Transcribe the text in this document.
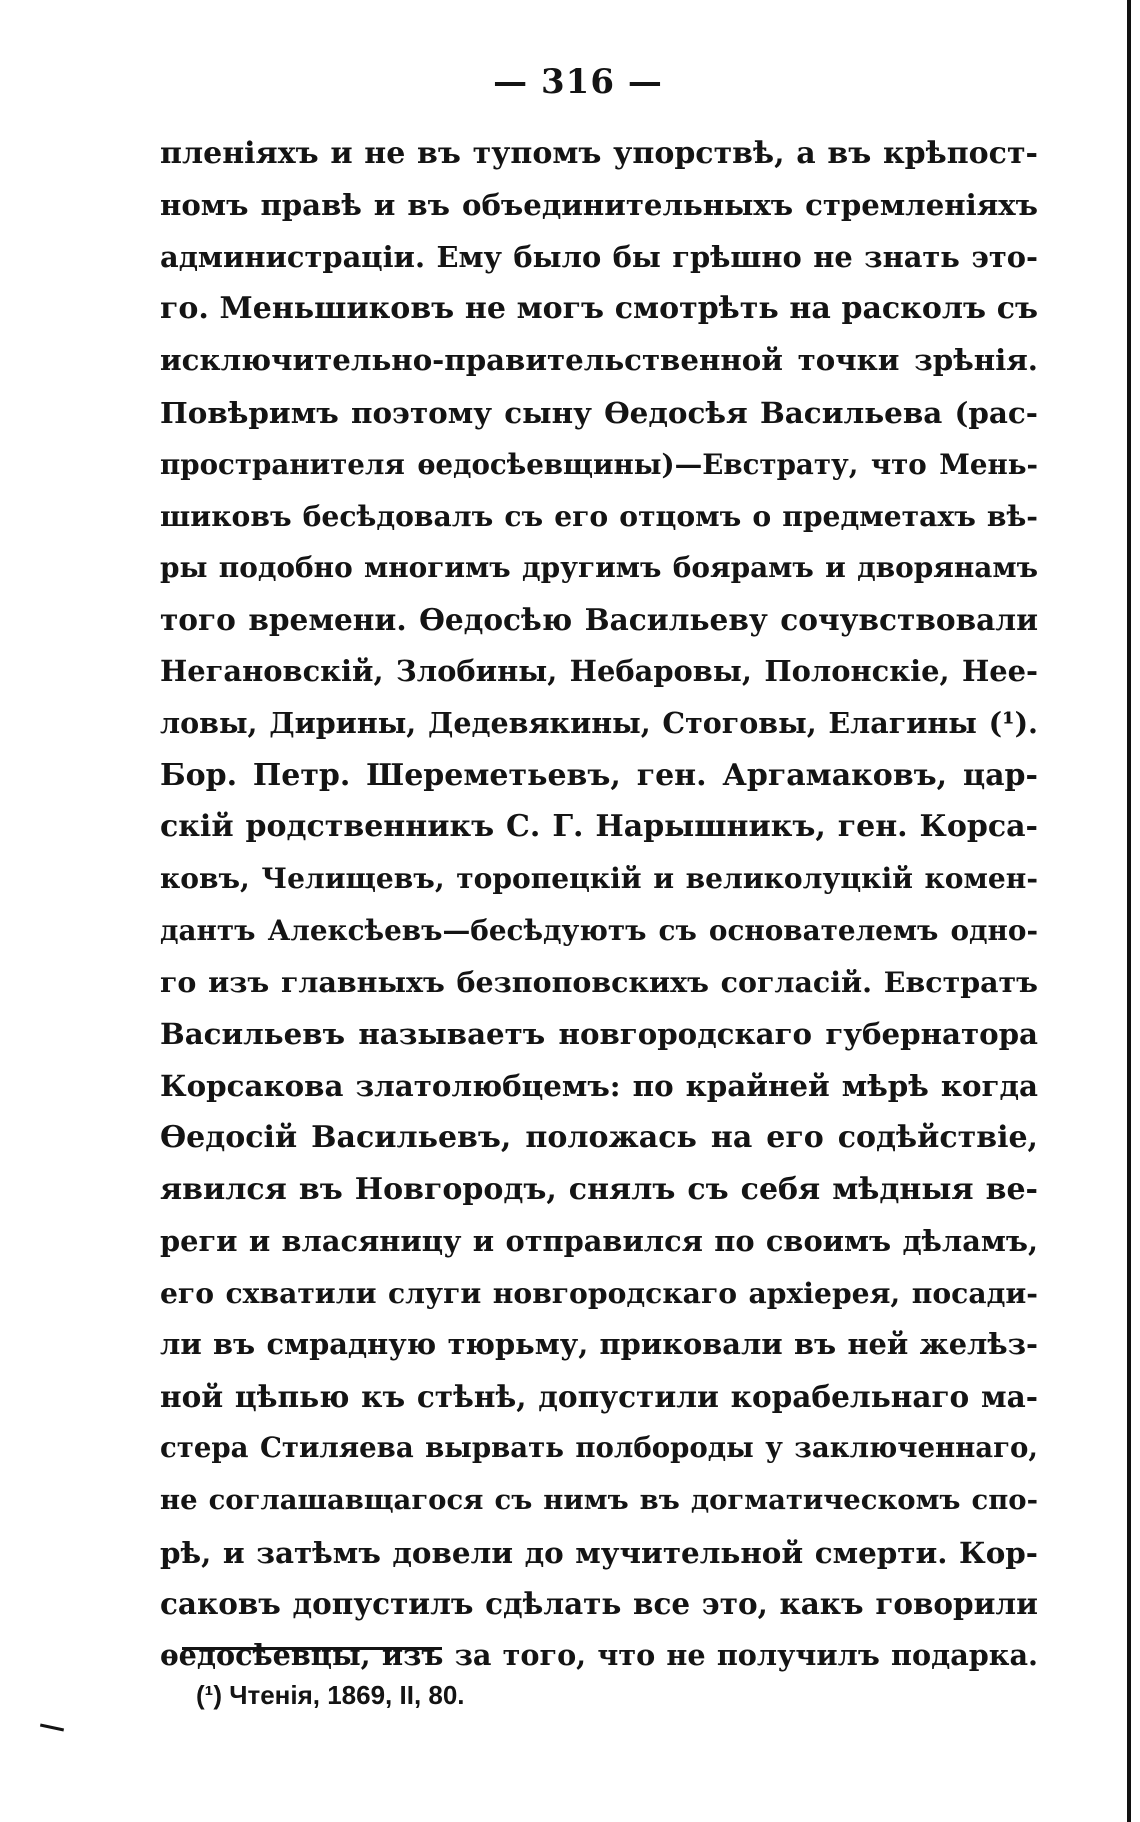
— 316 —
пленіяхъ и не въ тупомъ упорствѣ, а въ крѣпост-
номъ правѣ и въ объединительныхъ стремленіяхъ
администраціи. Ему было бы грѣшно не знать это-
го. Меньшиковъ не могъ смотрѣть на расколъ съ
исключительно-правительственной точки зрѣнія.
Повѣримъ поэтому сыну Ѳедосѣя Васильева (рас-
пространителя ѳедосѣевщины)—Евстрату, что Мень-
шиковъ бесѣдовалъ съ его отцомъ о предметахъ вѣ-
ры подобно многимъ другимъ боярамъ и дворянамъ
того времени. Ѳедосѣю Васильеву сочувствовали
Негановскій, Злобины, Небаровы, Полонскіе, Нее-
ловы, Дирины, Дедевякины, Стоговы, Елагины (¹).
Бор. Петр. Шереметьевъ, ген. Аргамаковъ, цар-
скій родственникъ С. Г. Нарышникъ, ген. Корса-
ковъ, Челищевъ, торопецкій и великолуцкій комен-
дантъ Алексѣевъ—бесѣдуютъ съ основателемъ одно-
го изъ главныхъ безпоповскихъ согласій. Евстратъ
Васильевъ называетъ новгородскаго губернатора
Корсакова златолюбцемъ: по крайней мѣрѣ когда
Ѳедосій Васильевъ, положась на его содѣйствіе,
явился въ Новгородъ, снялъ съ себя мѣдныя ве-
реги и власяницу и отправился по своимъ дѣламъ,
его схватили слуги новгородскаго архіерея, посади-
ли въ смрадную тюрьму, приковали въ ней желѣз-
ной цѣпью къ стѣнѣ, допустили корабельнаго ма-
стера Стиляева вырвать полбороды у заключеннаго,
не соглашавщагося съ нимъ въ догматическомъ спо-
рѣ, и затѣмъ довели до мучительной смерти. Кор-
саковъ допустилъ сдѣлать все это, какъ говорили
ѳедосѣевцы, изъ за того, что не получилъ подарка.
(¹) Чтенія, 1869, II, 80.
